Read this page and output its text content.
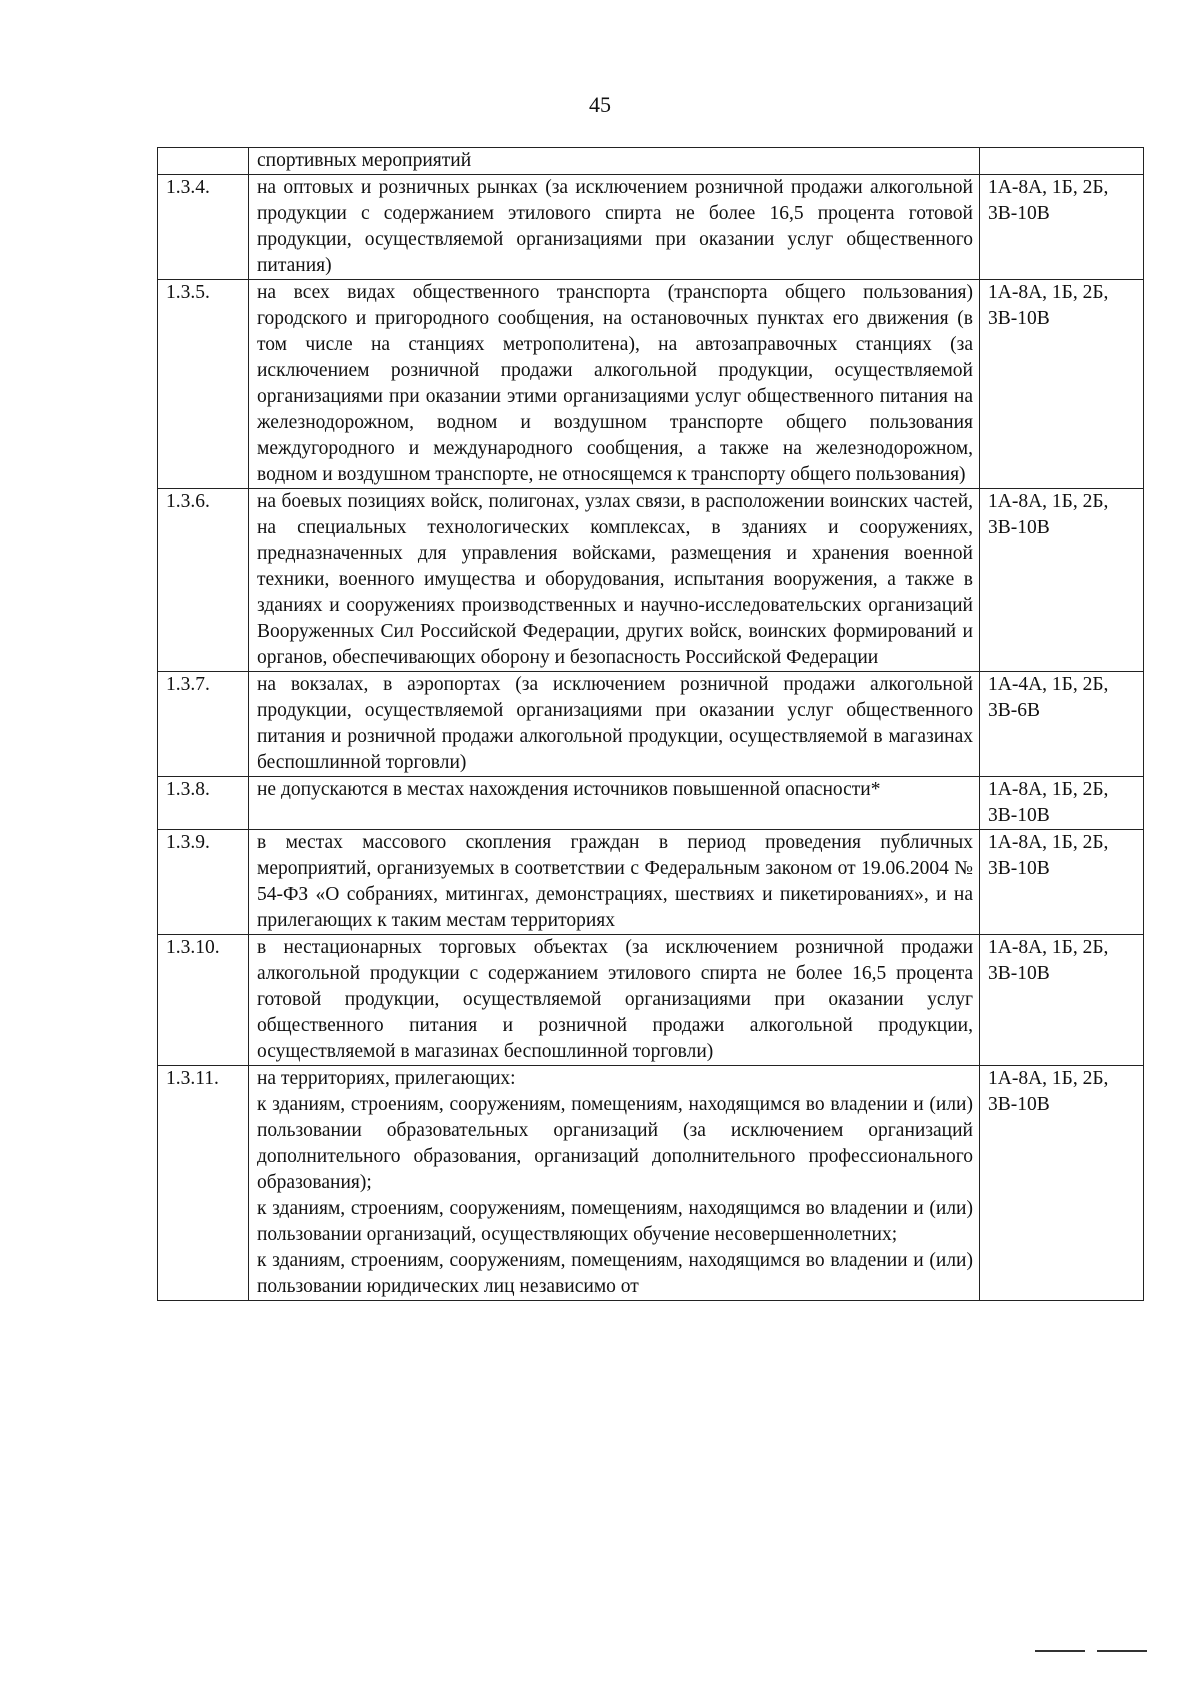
45

	спортивных мероприятий	

1.3.4.	на оптовых и розничных рынках (за исключением розничной продажи алкогольной продукции с содержанием этилового спирта не более 16,5 процента готовой продукции, осуществляемой организациями при оказании услуг общественного питания)	1А-8А, 1Б, 2Б, 3В-10В
1.3.5.	на всех видах общественного транспорта (транспорта общего пользования) городского и пригородного сообщения, на остановочных пунктах его движения (в том числе на станциях метрополитена), на автозаправочных станциях (за исключением розничной продажи алкогольной продукции, осуществляемой организациями при оказании этими организациями услуг общественного питания на железнодорожном, водном и воздушном транспорте общего пользования междугородного и международного сообщения, а также на железнодорожном, водном и воздушном транспорте, не относящемся к транспорту общего пользования)	1А-8А, 1Б, 2Б, 3В-10В
1.3.6.	на боевых позициях войск, полигонах, узлах связи, в расположении воинских частей, на специальных технологических комплексах, в зданиях и сооружениях, предназначенных для управления войсками, размещения и хранения военной техники, военного имущества и оборудования, испытания вооружения, а также в зданиях и сооружениях производственных и научно-исследовательских организаций Вооруженных Сил Российской Федерации, других войск, воинских формирований и органов, обеспечивающих оборону и безопасность Российской Федерации	1А-8А, 1Б, 2Б, 3В-10В
1.3.7.	на вокзалах, в аэропортах (за исключением розничной продажи алкогольной продукции, осуществляемой организациями при оказании услуг общественного питания и розничной продажи алкогольной продукции, осуществляемой в магазинах беспошлинной торговли)	1А-4А, 1Б, 2Б, 3В-6В
1.3.8.	не допускаются в местах нахождения источников повышенной опасности*	1А-8А, 1Б, 2Б, 3В-10В
1.3.9.	в местах массового скопления граждан в период проведения публичных мероприятий, организуемых в соответствии с Федеральным законом от 19.06.2004 № 54-ФЗ «О собраниях, митингах, демонстрациях, шествиях и пикетированиях», и на прилегающих к таким местам территориях	1А-8А, 1Б, 2Б, 3В-10В
1.3.10.	в нестационарных торговых объектах (за исключением розничной продажи алкогольной продукции с содержанием этилового спирта не более 16,5 процента готовой продукции, осуществляемой организациями при оказании услуг общественного питания и розничной продажи алкогольной продукции, осуществляемой в магазинах беспошлинной торговли)	1А-8А, 1Б, 2Б, 3В-10В
1.3.11.	на территориях, прилегающих:
к зданиям, строениям, сооружениям, помещениям, находящимся во владении и (или) пользовании образовательных организаций (за исключением организаций дополнительного образования, организаций дополнительного профессионального образования);
к зданиям, строениям, сооружениям, помещениям, находящимся во владении и (или) пользовании организаций, осуществляющих обучение несовершеннолетних;
к зданиям, строениям, сооружениям, помещениям, находящимся во владении и (или) пользовании юридических лиц независимо от	1А-8А, 1Б, 2Б, 3В-10В
